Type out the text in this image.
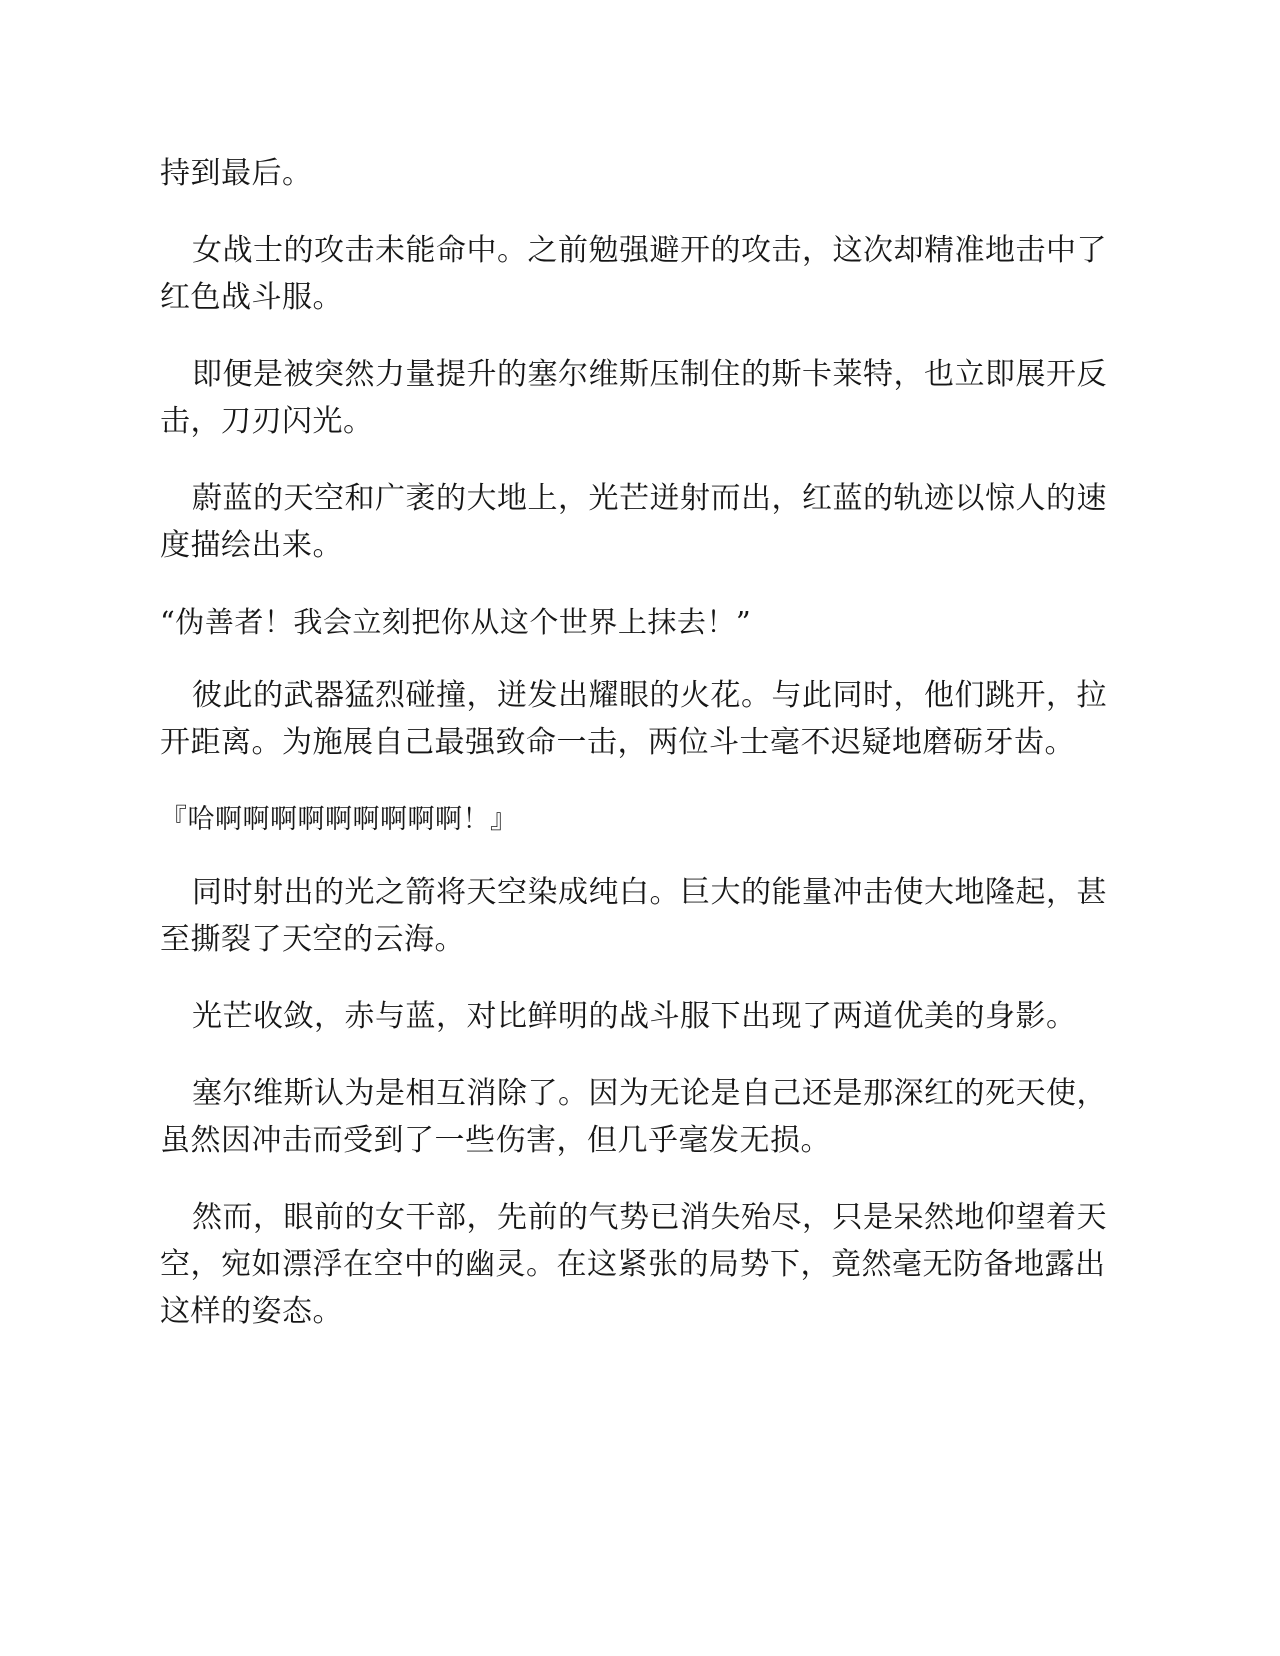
持到最后。

女战士的攻击未能命中。之前勉强避开的攻击，这次却精准地击中了红色战斗服。

即便是被突然力量提升的塞尔维斯压制住的斯卡莱特，也立即展开反击，刀刃闪光。

蔚蓝的天空和广袤的大地上，光芒迸射而出，红蓝的轨迹以惊人的速度描绘出来。

“伪善者！我会立刻把你从这个世界上抹去！”

彼此的武器猛烈碰撞，迸发出耀眼的火花。与此同时，他们跳开，拉开距离。为施展自己最强致命一击，两位斗士毫不迟疑地磨砺牙齿。

『哈啊啊啊啊啊啊啊啊啊！』

同时射出的光之箭将天空染成纯白。巨大的能量冲击使大地隆起，甚至撕裂了天空的云海。

光芒收敛，赤与蓝，对比鲜明的战斗服下出现了两道优美的身影。

塞尔维斯认为是相互消除了。因为无论是自己还是那深红的死天使，虽然因冲击而受到了一些伤害，但几乎毫发无损。

然而，眼前的女干部，先前的气势已消失殆尽，只是呆然地仰望着天空，宛如漂浮在空中的幽灵。在这紧张的局势下，竟然毫无防备地露出这样的姿态。
